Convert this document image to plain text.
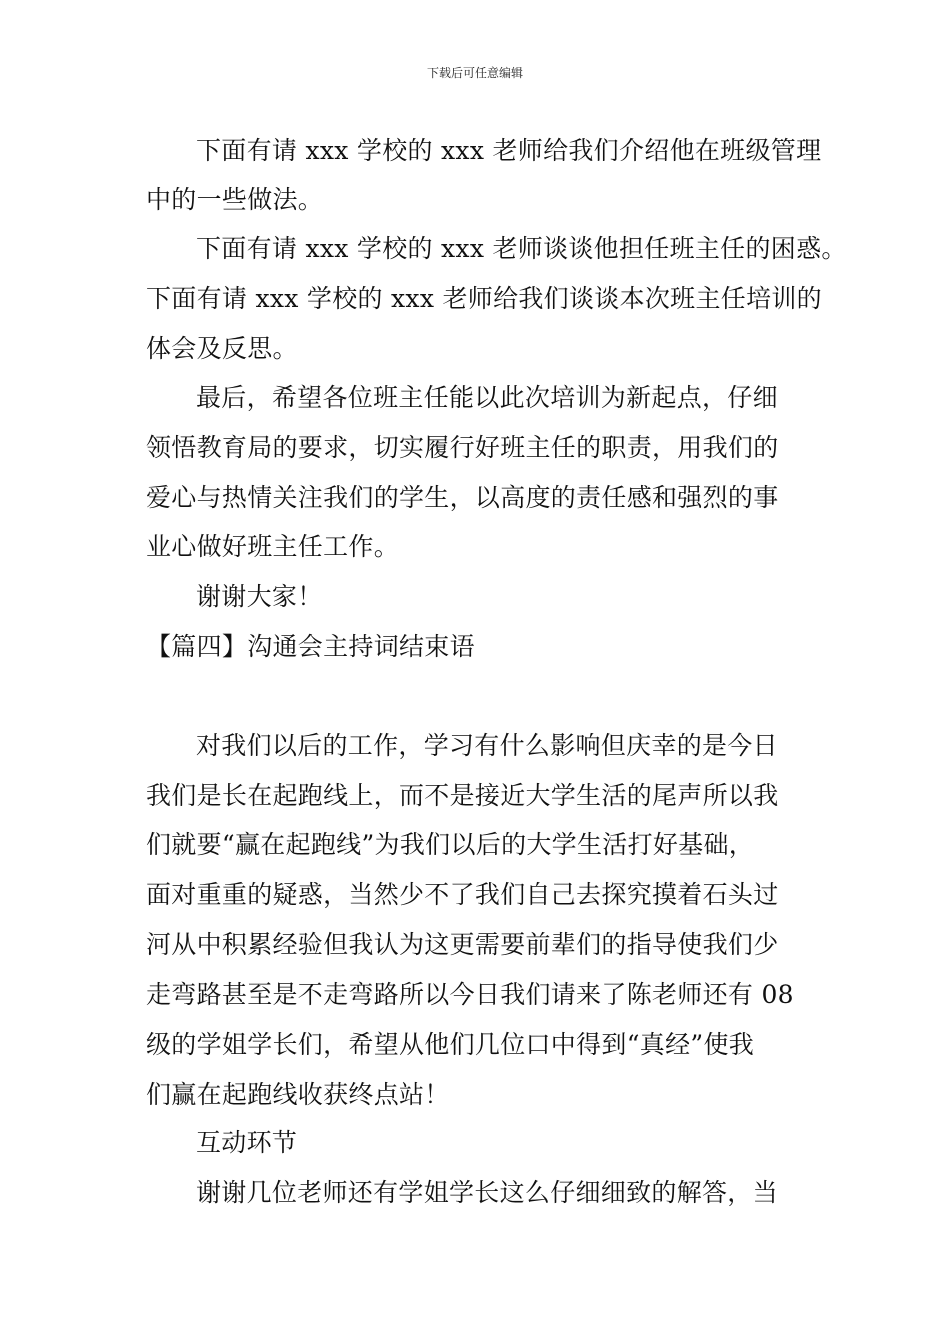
下载后可任意编辑
下面有请 xxx 学校的 xxx 老师给我们介绍他在班级管理
中的一些做法。
下面有请 xxx 学校的 xxx 老师谈谈他担任班主任的困惑。
下面有请 xxx 学校的 xxx 老师给我们谈谈本次班主任培训的
体会及反思。
最后，希望各位班主任能以此次培训为新起点，仔细
领悟教育局的要求，切实履行好班主任的职责，用我们的
爱心与热情关注我们的学生，以高度的责任感和强烈的事
业心做好班主任工作。
谢谢大家！
【篇四】沟通会主持词结束语
对我们以后的工作，学习有什么影响但庆幸的是今日
我们是长在起跑线上，而不是接近大学生活的尾声所以我
们就要“赢在起跑线”为我们以后的大学生活打好基础，
面对重重的疑惑，当然少不了我们自己去探究摸着石头过
河从中积累经验但我认为这更需要前辈们的指导使我们少
走弯路甚至是不走弯路所以今日我们请来了陈老师还有 08
级的学姐学长们，希望从他们几位口中得到“真经”使我
们赢在起跑线收获终点站！
互动环节
谢谢几位老师还有学姐学长这么仔细细致的解答，当
